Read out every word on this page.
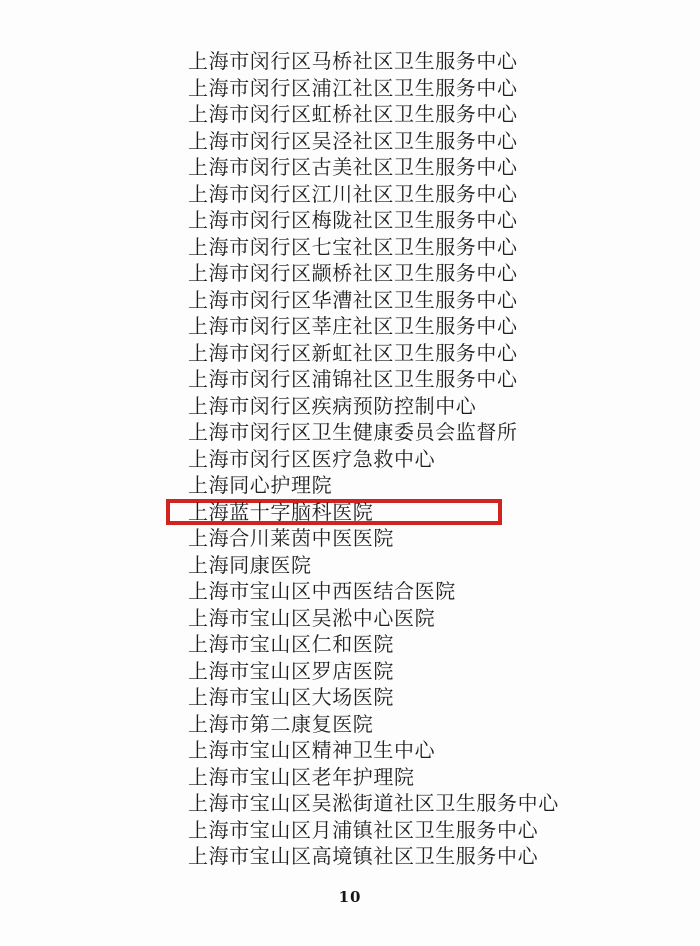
上海市闵行区马桥社区卫生服务中心
上海市闵行区浦江社区卫生服务中心
上海市闵行区虹桥社区卫生服务中心
上海市闵行区吴泾社区卫生服务中心
上海市闵行区古美社区卫生服务中心
上海市闵行区江川社区卫生服务中心
上海市闵行区梅陇社区卫生服务中心
上海市闵行区七宝社区卫生服务中心
上海市闵行区颛桥社区卫生服务中心
上海市闵行区华漕社区卫生服务中心
上海市闵行区莘庄社区卫生服务中心
上海市闵行区新虹社区卫生服务中心
上海市闵行区浦锦社区卫生服务中心
上海市闵行区疾病预防控制中心
上海市闵行区卫生健康委员会监督所
上海市闵行区医疗急救中心
上海同心护理院
上海蓝十字脑科医院
上海合川莱茵中医医院
上海同康医院
上海市宝山区中西医结合医院
上海市宝山区吴淞中心医院
上海市宝山区仁和医院
上海市宝山区罗店医院
上海市宝山区大场医院
上海市第二康复医院
上海市宝山区精神卫生中心
上海市宝山区老年护理院
上海市宝山区吴淞街道社区卫生服务中心
上海市宝山区月浦镇社区卫生服务中心
上海市宝山区高境镇社区卫生服务中心
10
